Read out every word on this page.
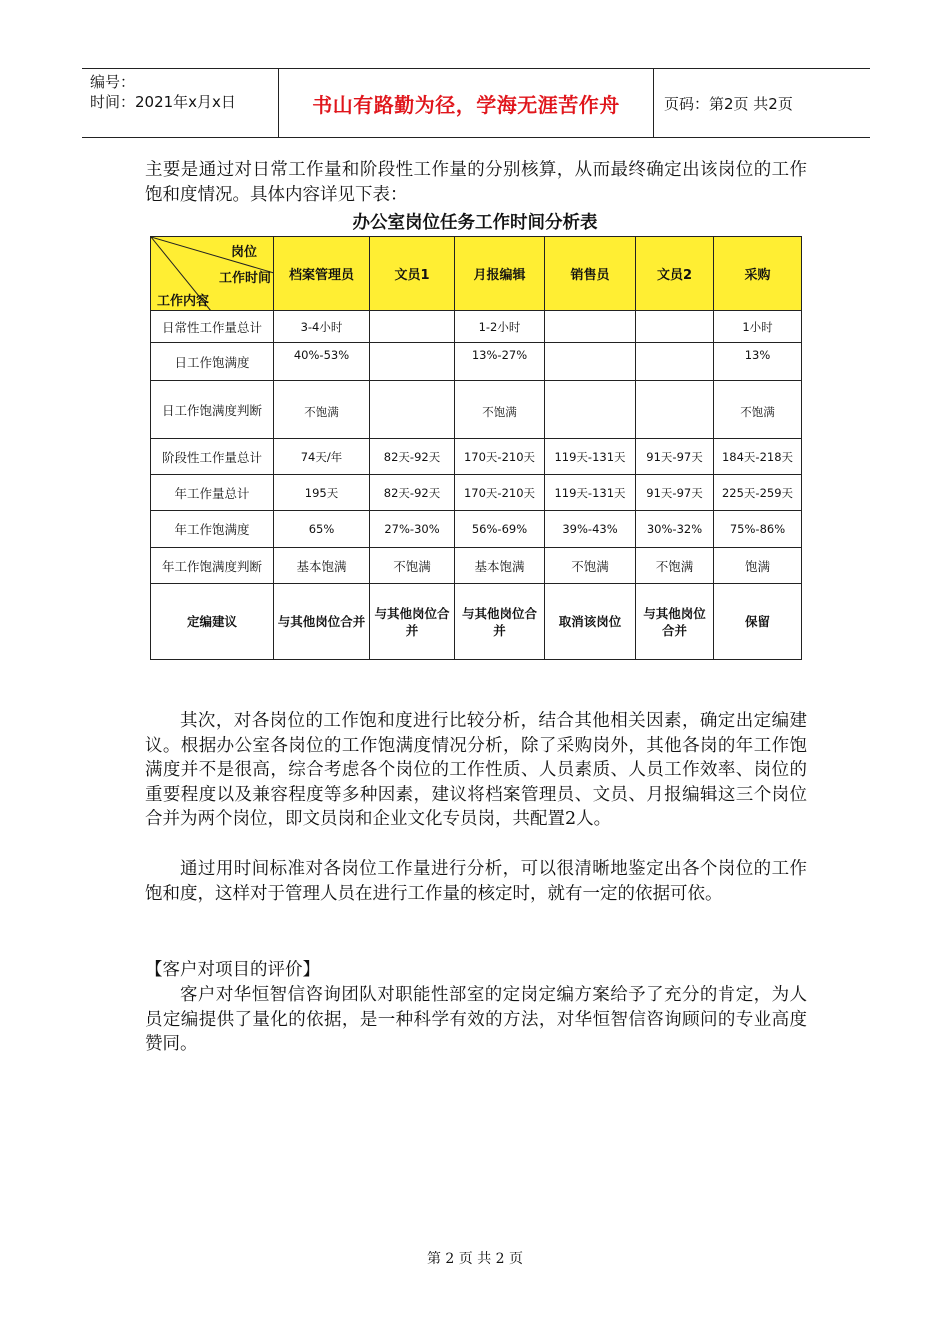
编号：
时间：2021年x月x日	书山有路勤为径，学海无涯苦作舟	页码：第2页 共2页

主要是通过对日常工作量和阶段性工作量的分别核算，从而最终确定出该岗位的工作饱和度情况。具体内容详见下表：

办公室岗位任务工作时间分析表
岗位
工作时间
工作内容	档案管理员	文员1	月报编辑	销售员	文员2	采购
日常性工作量总计	3-4小时		1-2小时			1小时
日工作饱满度	40%-53%		13%-27%			13%
日工作饱满度判断	不饱满		不饱满			不饱满
阶段性工作量总计	74天/年	82天-92天	170天-210天	119天-131天	91天-97天	184天-218天
年工作量总计	195天	82天-92天	170天-210天	119天-131天	91天-97天	225天-259天
年工作饱满度	65%	27%-30%	56%-69%	39%-43%	30%-32%	75%-86%
年工作饱满度判断	基本饱满	不饱满	基本饱满	不饱满	不饱满	饱满
定编建议	与其他岗位合并	与其他岗位合并	与其他岗位合并	取消该岗位	与其他岗位合并	保留

其次，对各岗位的工作饱和度进行比较分析，结合其他相关因素，确定出定编建议。根据办公室各岗位的工作饱满度情况分析，除了采购岗外，其他各岗的年工作饱满度并不是很高，综合考虑各个岗位的工作性质、人员素质、人员工作效率、岗位的重要程度以及兼容程度等多种因素，建议将档案管理员、文员、月报编辑这三个岗位合并为两个岗位，即文员岗和企业文化专员岗，共配置2人。

通过用时间标准对各岗位工作量进行分析，可以很清晰地鉴定出各个岗位的工作饱和度，这样对于管理人员在进行工作量的核定时，就有一定的依据可依。

【客户对项目的评价】

客户对华恒智信咨询团队对职能性部室的定岗定编方案给予了充分的肯定，为人员定编提供了量化的依据，是一种科学有效的方法，对华恒智信咨询顾问的专业高度赞同。

第 2 页 共 2 页
